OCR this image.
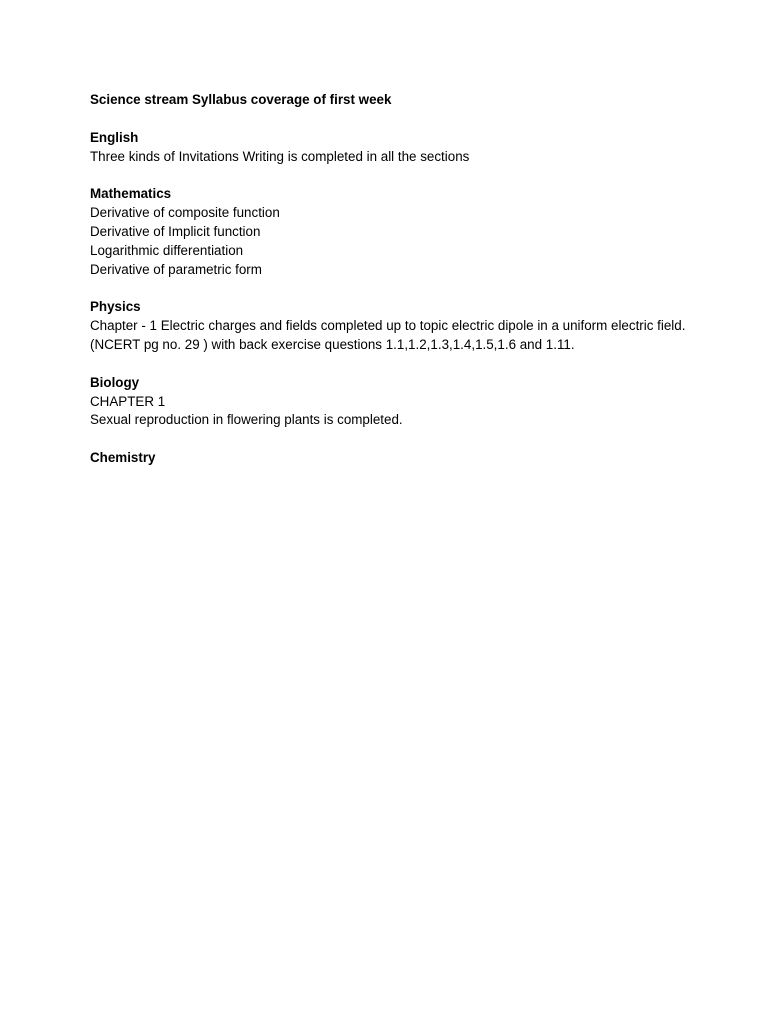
Science stream Syllabus coverage of first week

English

Three kinds of Invitations Writing is completed in all the sections

Mathematics

Derivative of composite function

Derivative of Implicit function

Logarithmic differentiation

Derivative of parametric form

Physics

Chapter - 1 Electric charges and fields completed up to topic electric dipole in a uniform electric field. (NCERT pg no. 29 ) with back exercise questions 1.1,1.2,1.3,1.4,1.5,1.6 and 1.11.

Biology

CHAPTER 1

Sexual reproduction in flowering plants is completed.

Chemistry
